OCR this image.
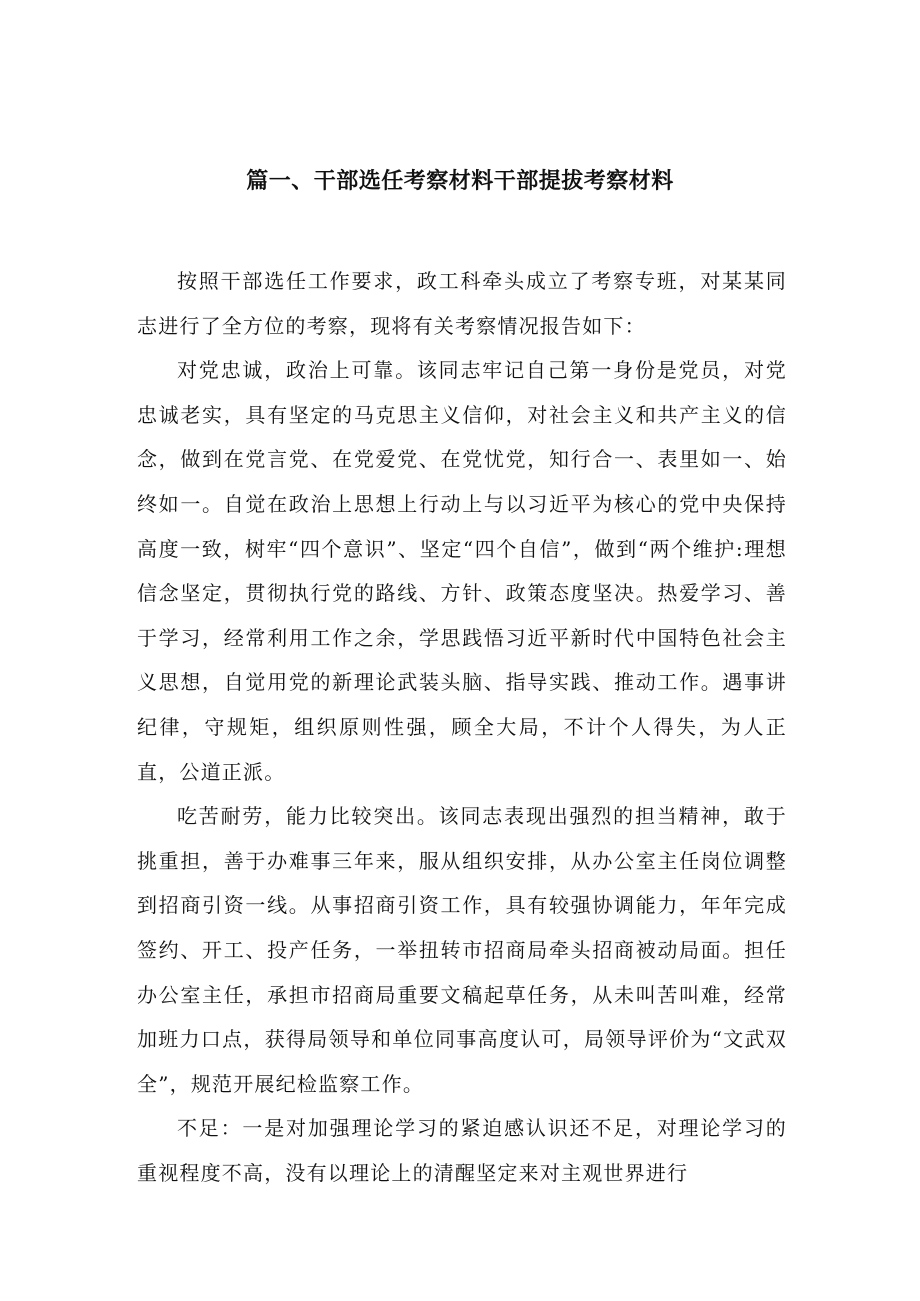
篇一、干部选任考察材料干部提拔考察材料

按照干部选任工作要求，政工科牵头成立了考察专班，对某某同志进行了全方位的考察，现将有关考察情况报告如下：

对党忠诚，政治上可靠。该同志牢记自己第一身份是党员，对党忠诚老实，具有坚定的马克思主义信仰，对社会主义和共产主义的信念，做到在党言党、在党爱党、在党忧党，知行合一、表里如一、始终如一。自觉在政治上思想上行动上与以习近平为核心的党中央保持高度一致，树牢“四个意识”、坚定“四个自信”，做到“两个维护:理想信念坚定，贯彻执行党的路线、方针、政策态度坚决。热爱学习、善于学习，经常利用工作之余，学思践悟习近平新时代中国特色社会主义思想，自觉用党的新理论武装头脑、指导实践、推动工作。遇事讲纪律，守规矩，组织原则性强，顾全大局，不计个人得失，为人正直，公道正派。

吃苦耐劳，能力比较突出。该同志表现出强烈的担当精神，敢于挑重担，善于办难事三年来，服从组织安排，从办公室主任岗位调整到招商引资一线。从事招商引资工作，具有较强协调能力，年年完成签约、开工、投产任务，一举扭转市招商局牵头招商被动局面。担任办公室主任，承担市招商局重要文稿起草任务，从未叫苦叫难，经常加班力口点，获得局领导和单位同事高度认可，局领导评价为“文武双全”，规范开展纪检监察工作。

不足：一是对加强理论学习的紧迫感认识还不足，对理论学习的重视程度不高，没有以理论上的清醒坚定来对主观世界进行
